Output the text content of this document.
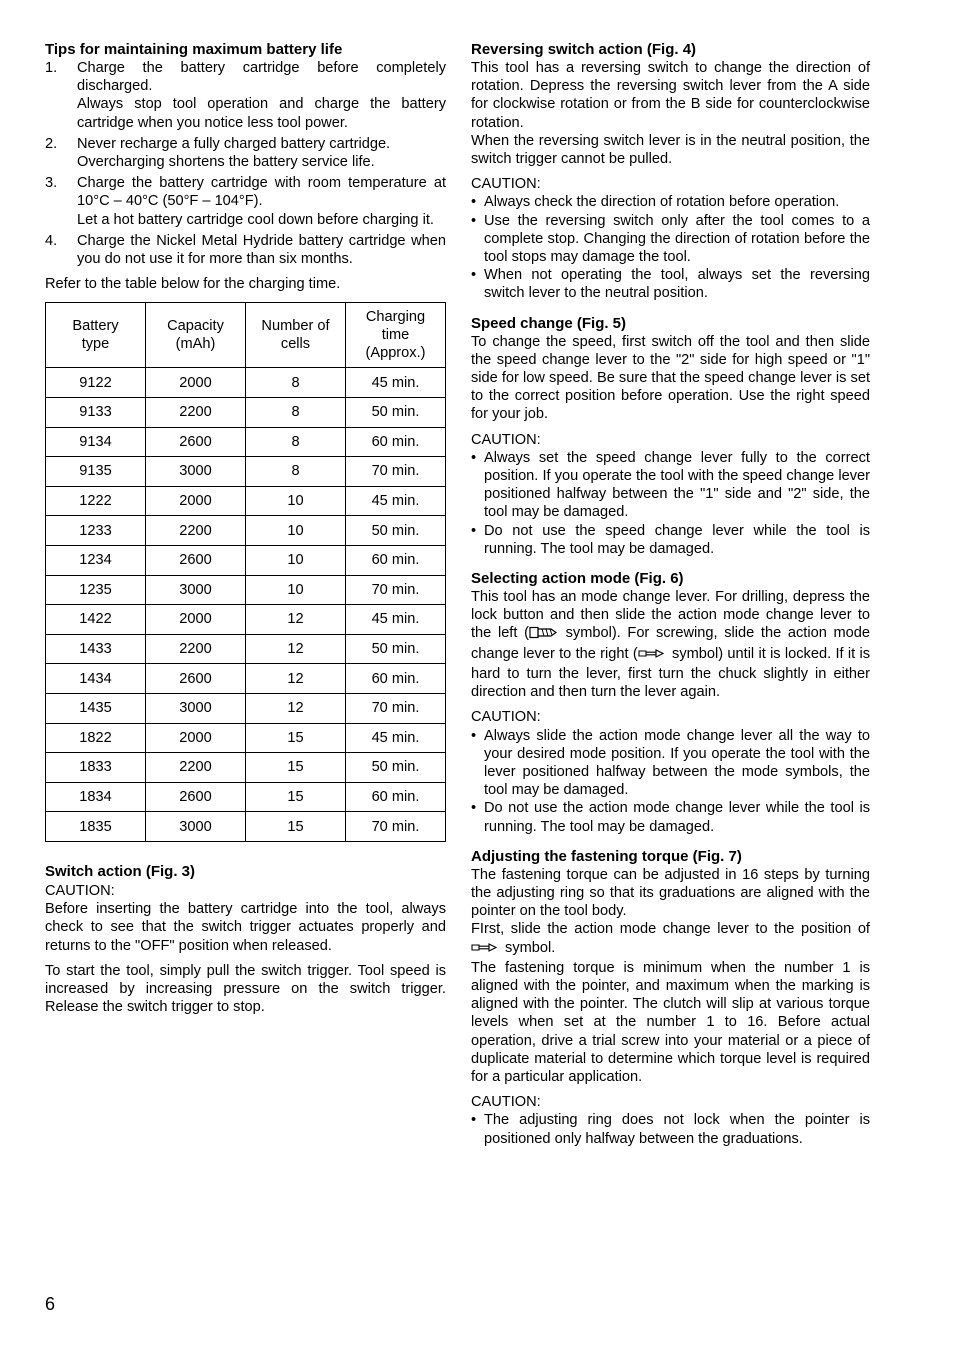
Tips for maintaining maximum battery life
1. Charge the battery cartridge before completely discharged.
Always stop tool operation and charge the battery cartridge when you notice less tool power.
2. Never recharge a fully charged battery cartridge.
Overcharging shortens the battery service life.
3. Charge the battery cartridge with room temperature at 10°C – 40°C (50°F – 104°F).
Let a hot battery cartridge cool down before charging it.
4. Charge the Nickel Metal Hydride battery cartridge when you do not use it for more than six months.

Refer to the table below for the charging time.

Battery type	Capacity (mAh)	Number of cells	Charging time (Approx.)

9122	2000	8	45 min.
9133	2200	8	50 min.
9134	2600	8	60 min.
9135	3000	8	70 min.
1222	2000	10	45 min.
1233	2200	10	50 min.
1234	2600	10	60 min.
1235	3000	10	70 min.
1422	2000	12	45 min.
1433	2200	12	50 min.
1434	2600	12	60 min.
1435	3000	12	70 min.
1822	2000	15	45 min.
1833	2200	15	50 min.
1834	2600	15	60 min.
1835	3000	15	70 min.
Switch action (Fig. 3)

CAUTION:

Before inserting the battery cartridge into the tool, always check to see that the switch trigger actuates properly and returns to the "OFF" position when released.

To start the tool, simply pull the switch trigger. Tool speed is increased by increasing pressure on the switch trigger. Release the switch trigger to stop.

Reversing switch action (Fig. 4)

This tool has a reversing switch to change the direction of rotation. Depress the reversing switch lever from the A side for clockwise rotation or from the B side for counterclockwise rotation.

When the reversing switch lever is in the neutral position, the switch trigger cannot be pulled.

CAUTION:

• Always check the direction of rotation before operation.
• Use the reversing switch only after the tool comes to a complete stop. Changing the direction of rotation before the tool stops may damage the tool.
• When not operating the tool, always set the reversing switch lever to the neutral position.
Speed change (Fig. 5)

To change the speed, first switch off the tool and then slide the speed change lever to the "2" side for high speed or "1" side for low speed. Be sure that the speed change lever is set to the correct position before operation. Use the right speed for your job.

CAUTION:

• Always set the speed change lever fully to the correct position. If you operate the tool with the speed change lever positioned halfway between the "1" side and "2" side, the tool may be damaged.
• Do not use the speed change lever while the tool is running. The tool may be damaged.
Selecting action mode (Fig. 6)

This tool has an mode change lever. For drilling, depress the lock button and then slide the action mode change lever to the left ( symbol). For screwing, slide the action mode change lever to the right ( symbol) until it is locked. If it is hard to turn the lever, first turn the chuck slightly in either direction and then turn the lever again.

CAUTION:

• Always slide the action mode change lever all the way to your desired mode position. If you operate the tool with the lever positioned halfway between the mode symbols, the tool may be damaged.
• Do not use the action mode change lever while the tool is running. The tool may be damaged.
Adjusting the fastening torque (Fig. 7)

The fastening torque can be adjusted in 16 steps by turning the adjusting ring so that its graduations are aligned with the pointer on the tool body.

FIrst, slide the action mode change lever to the position of  symbol.

The fastening torque is minimum when the number 1 is aligned with the pointer, and maximum when the marking is aligned with the pointer. The clutch will slip at various torque levels when set at the number 1 to 16. Before actual operation, drive a trial screw into your material or a piece of duplicate material to determine which torque level is required for a particular application.

CAUTION:

• The adjusting ring does not lock when the pointer is positioned only halfway between the graduations.
6
